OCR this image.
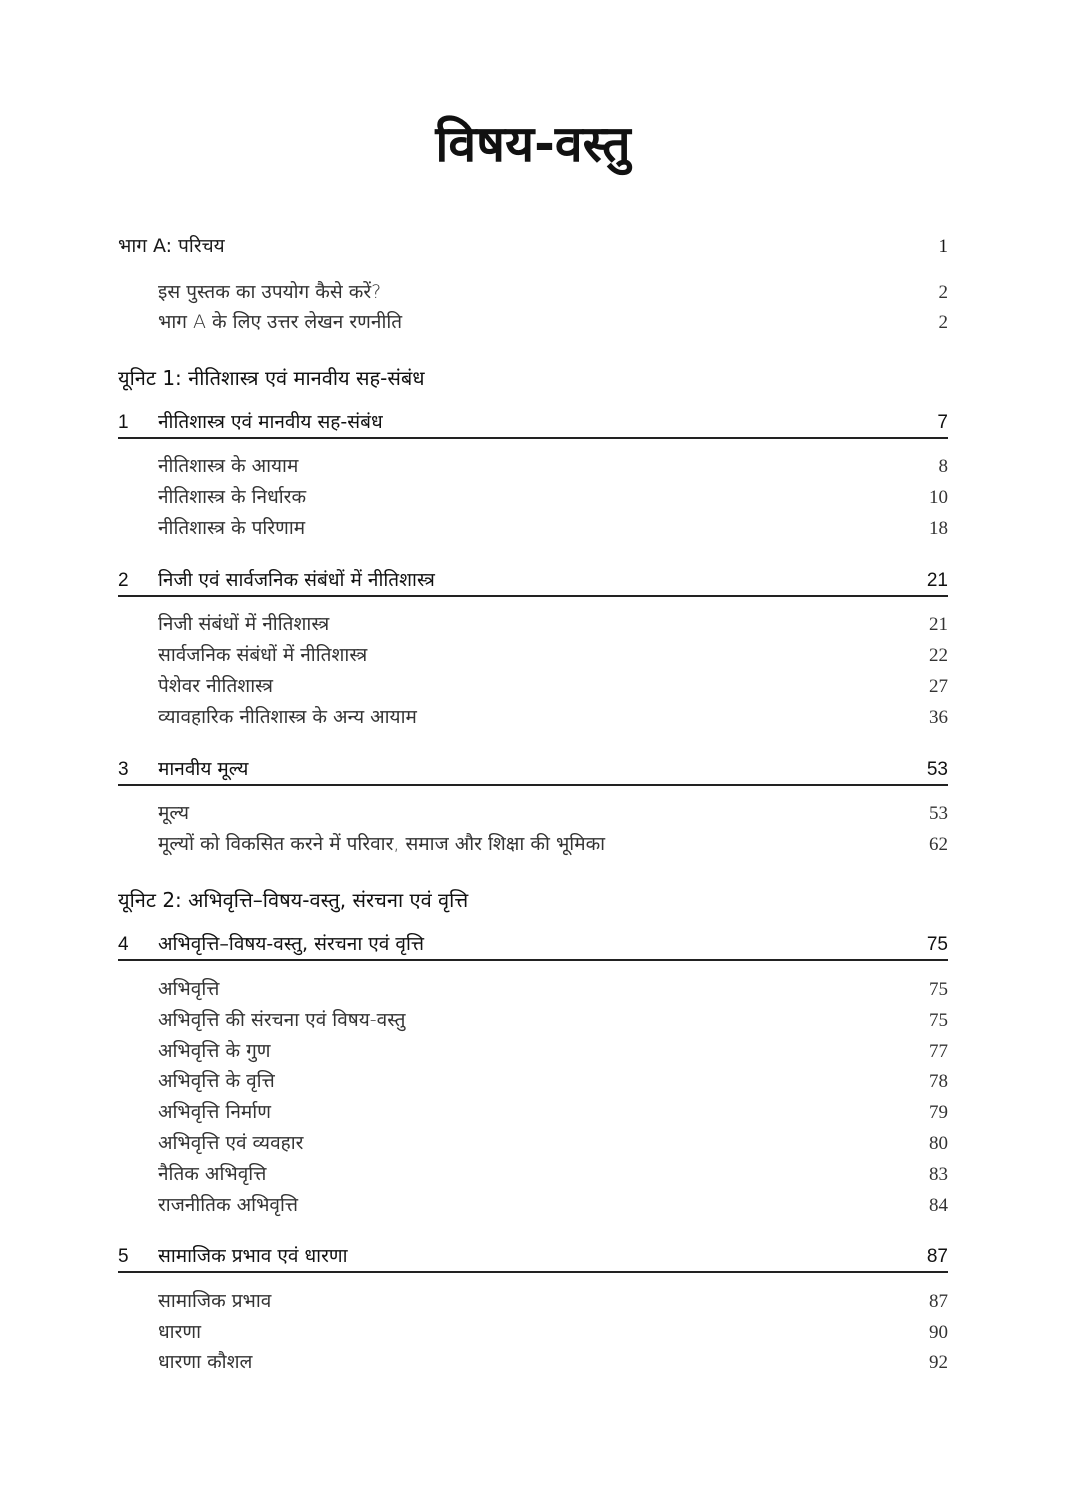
विषय-वस्तु
भाग A: परिचय	1
इस पुस्तक का उपयोग कैसे करें?	2
भाग A के लिए उत्तर लेखन रणनीति	2
यूनिट 1: नीतिशास्त्र एवं मानवीय सह-संबंध
1 नीतिशास्त्र एवं मानवीय सह-संबंध	7
नीतिशास्त्र के आयाम	8
नीतिशास्त्र के निर्धारक	10
नीतिशास्त्र के परिणाम	18
2 निजी एवं सार्वजनिक संबंधों में नीतिशास्त्र	21
निजी संबंधों में नीतिशास्त्र	21
सार्वजनिक संबंधों में नीतिशास्त्र	22
पेशेवर नीतिशास्त्र	27
व्यावहारिक नीतिशास्त्र के अन्य आयाम	36
3 मानवीय मूल्य	53
मूल्य	53
मूल्यों को विकसित करने में परिवार, समाज और शिक्षा की भूमिका	62
यूनिट 2: अभिवृत्ति–विषय-वस्तु, संरचना एवं वृत्ति
4 अभिवृत्ति–विषय-वस्तु, संरचना एवं वृत्ति	75
अभिवृत्ति	75
अभिवृत्ति की संरचना एवं विषय-वस्तु	75
अभिवृत्ति के गुण	77
अभिवृत्ति के वृत्ति	78
अभिवृत्ति निर्माण	79
अभिवृत्ति एवं व्यवहार	80
नैतिक अभिवृत्ति	83
राजनीतिक अभिवृत्ति	84
5 सामाजिक प्रभाव एवं धारणा	87
सामाजिक प्रभाव	87
धारणा	90
धारणा कौशल	92
